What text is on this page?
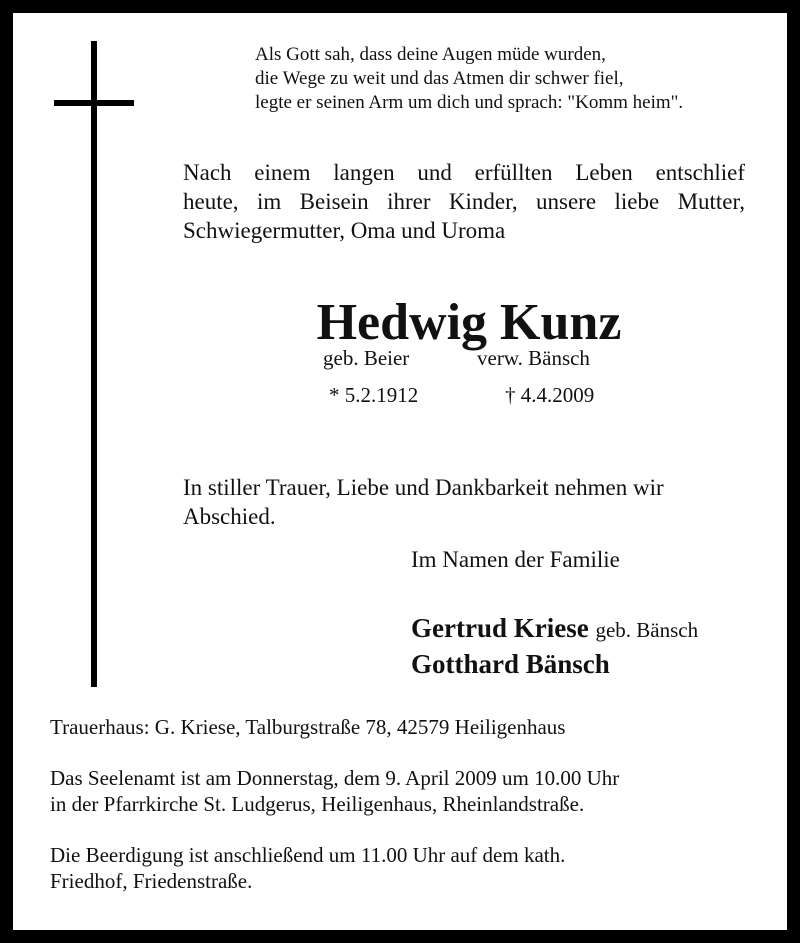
Als Gott sah, dass deine Augen müde wurden,
die Wege zu weit und das Atmen dir schwer fiel,
legte er seinen Arm um dich und sprach: "Komm heim".
Nach einem langen und erfüllten Leben entschlief
heute, im Beisein ihrer Kinder, unsere liebe Mutter,
Schwiegermutter, Oma und Uroma
Hedwig Kunz
geb. Beier	verw. Bänsch
* 5.2.1912	† 4.4.2009
In stiller Trauer, Liebe und Dankbarkeit nehmen wir
Abschied.
Im Namen der Familie
Gertrud Kriese geb. Bänsch
Gotthard Bänsch
Trauerhaus: G. Kriese, Talburgstraße 78, 42579 Heiligenhaus
Das Seelenamt ist am Donnerstag, dem 9. April 2009 um 10.00 Uhr
in der Pfarrkirche St. Ludgerus, Heiligenhaus, Rheinlandstraße.
Die Beerdigung ist anschließend um 11.00 Uhr auf dem kath.
Friedhof, Friedenstraße.
